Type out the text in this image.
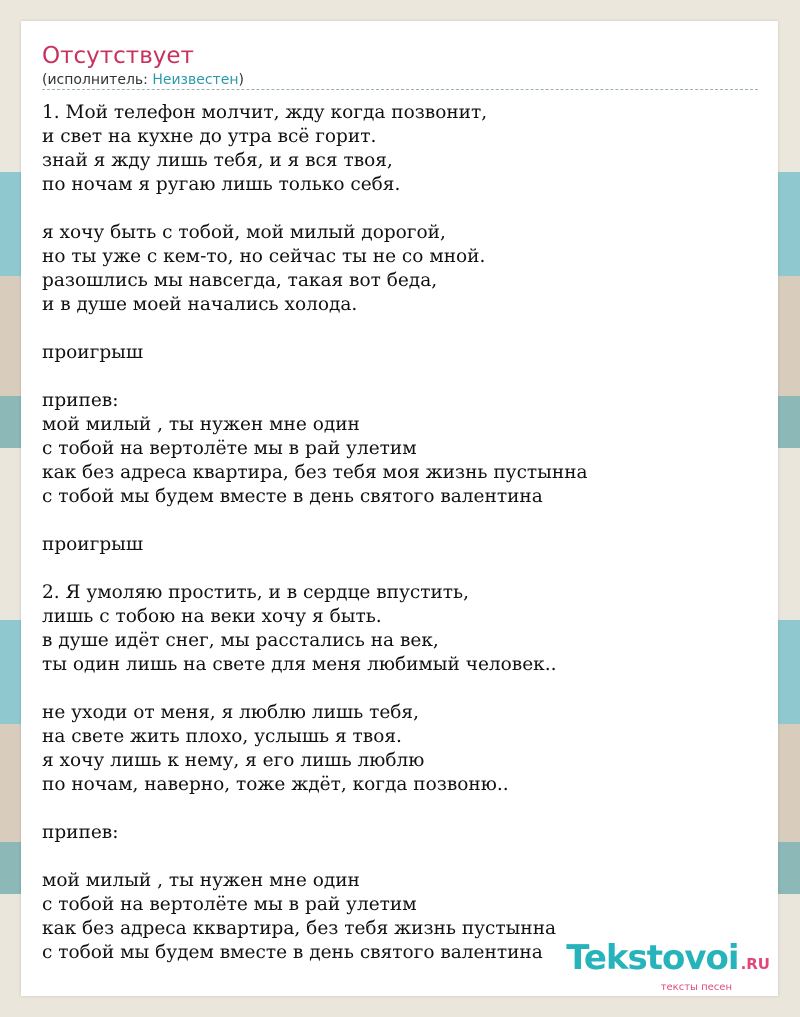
Отсутствует
(исполнитель: Неизвестен)
1. Мой телефон молчит, жду когда позвонит,
и свет на кухне до утра всё горит.
знай я жду лишь тебя, и я вся твоя,
по ночам я ругаю лишь только себя.
я хочу быть с тобой, мой милый дорогой,
но ты уже с кем-то, но сейчас ты не со мной.
разошлись мы навсегда, такая вот беда,
и в душе моей начались холода.
проигрыш
припев:
мой милый , ты нужен мне один
с тобой на вертолёте мы в рай улетим
как без адреса квартира, без тебя моя жизнь пустынна
с тобой мы будем вместе в день святого валентина
проигрыш
2. Я умоляю простить, и в сердце впустить,
лишь с тобою на веки хочу я быть.
в душе идёт снег, мы расстались на век,
ты один лишь на свете для меня любимый человек..
не уходи от меня, я люблю лишь тебя,
на свете жить плохо, услышь я твоя.
я хочу лишь к нему, я его лишь люблю
по ночам, наверно, тоже ждёт, когда позвоню..
припев:
мой милый , ты нужен мне один
с тобой на вертолёте мы в рай улетим
как без адреса кквартира, без тебя жизнь пустынна
с тобой мы будем вместе в день святого валентина Tekstovoi .RU
тексты песен
